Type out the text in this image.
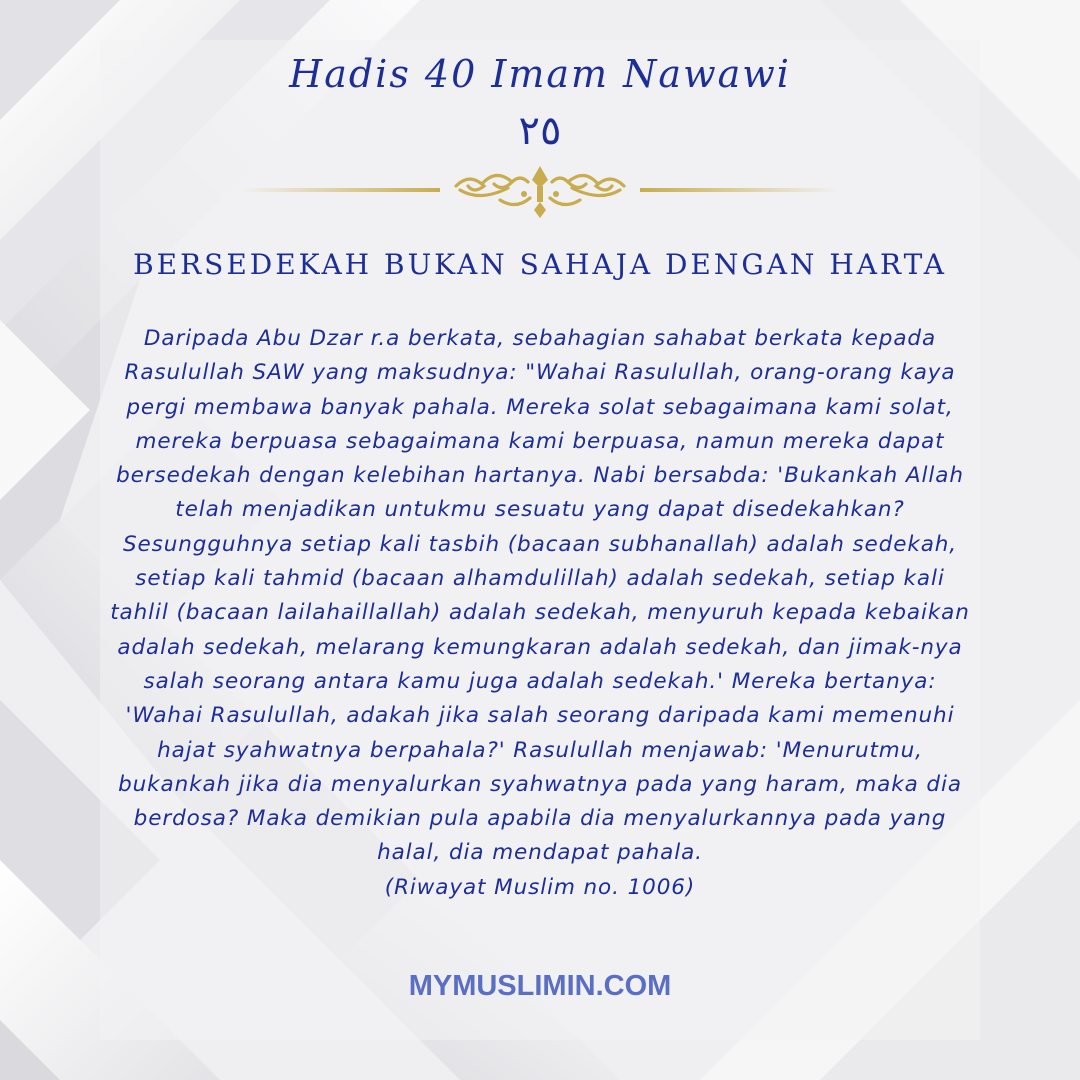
Hadis 40 Imam Nawawi
٢٥
BERSEDEKAH BUKAN SAHAJA DENGAN HARTA

Daripada Abu Dzar r.a berkata, sebahagian sahabat berkata kepada Rasulullah SAW yang maksudnya: "Wahai Rasulullah, orang-orang kaya pergi membawa banyak pahala. Mereka solat sebagaimana kami solat, mereka berpuasa sebagaimana kami berpuasa, namun mereka dapat bersedekah dengan kelebihan hartanya. Nabi bersabda: 'Bukankah Allah telah menjadikan untukmu sesuatu yang dapat disedekahkan? Sesungguhnya setiap kali tasbih (bacaan subhanallah) adalah sedekah, setiap kali tahmid (bacaan alhamdulillah) adalah sedekah, setiap kali tahlil (bacaan lailahaillallah) adalah sedekah, menyuruh kepada kebaikan adalah sedekah, melarang kemungkaran adalah sedekah, dan jimak-nya salah seorang antara kamu juga adalah sedekah.' Mereka bertanya: 'Wahai Rasulullah, adakah jika salah seorang daripada kami memenuhi hajat syahwatnya berpahala?' Rasulullah menjawab: 'Menurutmu, bukankah jika dia menyalurkan syahwatnya pada yang haram, maka dia berdosa? Maka demikian pula apabila dia menyalurkannya pada yang halal, dia mendapat pahala.
(Riwayat Muslim no. 1006)

MYMUSLIMIN.COM
